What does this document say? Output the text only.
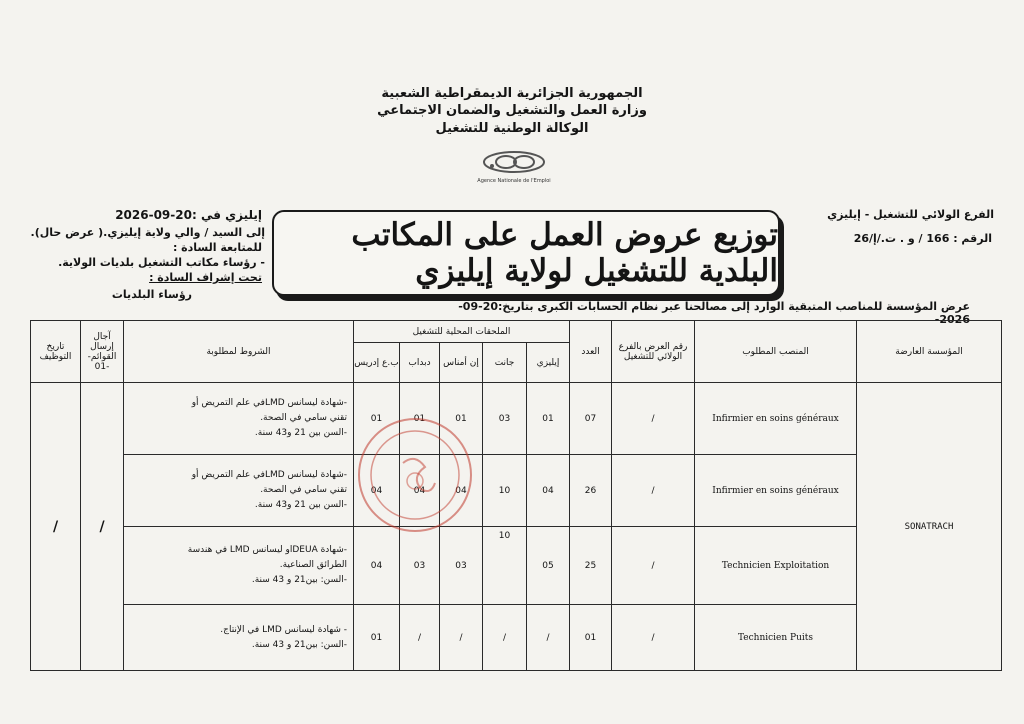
الجمهورية الجزائرية الديمقراطية الشعبية
وزارة العمل والتشغيل والضمان الاجتماعي
الوكالة الوطنية للتشغيل
Agence Nationale de l'Emploi
الفرع الولائي للتشغيل - إيليزي
الرقم : 166 / و . ت./إ/26
توزيع عروض العمل على المكاتب البلدية للتشغيل لولاية إيليزي
إيليزي في :20-09-2026
إلى السيد / والي ولاية إيليزي.( عرض حال).
للمتابعة السادة :
- رؤساء مكاتب التشغيل بلديات الولاية.
تحت إشراف السادة :
رؤساء البلديات
عرض المؤسسة للمناصب المتبقية الوارد إلى مصالحنا عبر نظام الحسابات الكبرى بتاريخ:20-09-2026-
المؤسسة العارضة	المنصب المطلوب	رقم العرض بالفرع الولائي للتشغيل	العدد	الملحقات المحلية للتشغيل					الشروط لمطلوبة	آجال إرسال القوائم- -01	تاريخ التوظيف
				إيليزي	جانت	إن أمناس	دبداب	ب.ع إدريس			
SONATRACH	Infirmier en soins généraux	/	07	01	03	01	01	01	-شهادة ليسانس LMDفي علم التمريض أو
تقني سامي في الصحة.
-السن بين 21 و43 سنة.	/	/
	Infirmier en soins généraux	/	26	04	10	04	04	04	-شهادة ليسانس LMDفي علم التمريض أو
تقني سامي في الصحة.
-السن بين 21 و43 سنة.		

	Technicien Exploitation	/	25	05	10	03	03	04	-شهادة DEUAاو ليسانس LMD في هندسة
الطرائق الصناعية.
-السن: بين21 و 43 سنة.		

	Technicien Puits	/	01	/	/	/	/	01	- شهادة ليسانس LMD في الإنتاج.
-السن: بين21 و 43 سنة.		
